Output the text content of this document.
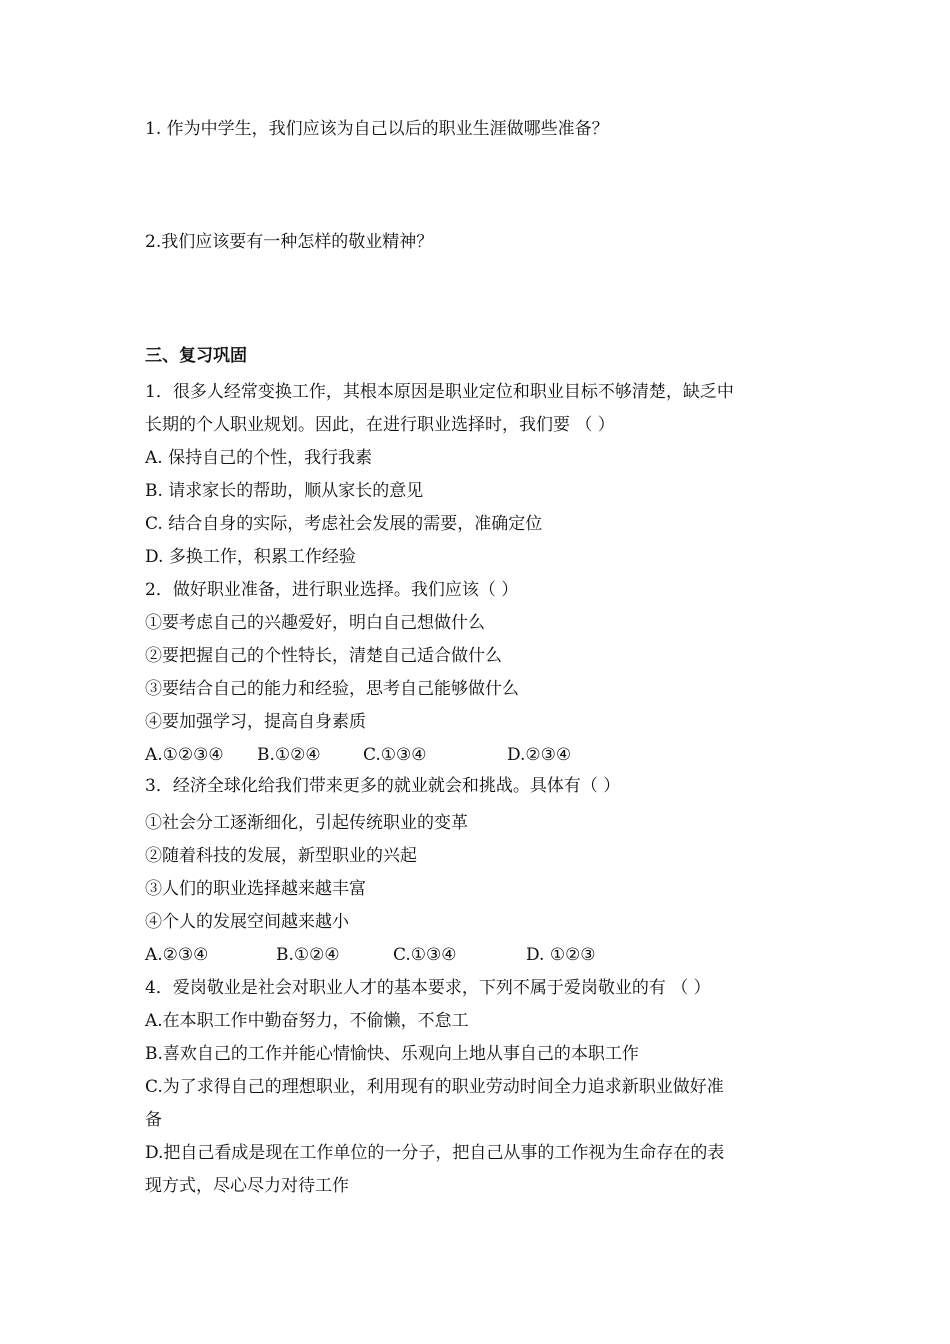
1. 作为中学生，我们应该为自己以后的职业生涯做哪些准备？
2.我们应该要有一种怎样的敬业精神？
三、复习巩固
1．很多人经常变换工作，其根本原因是职业定位和职业目标不够清楚，缺乏中
长期的个人职业规划。因此，在进行职业选择时，我们要 （ ）
A. 保持自己的个性，我行我素
B. 请求家长的帮助，顺从家长的意见
C. 结合自身的实际，考虑社会发展的需要，准确定位
D. 多换工作，积累工作经验
2．做好职业准备，进行职业选择。我们应该（ ）
①要考虑自己的兴趣爱好，明白自己想做什么
②要把握自己的个性特长，清楚自己适合做什么
③要结合自己的能力和经验，思考自己能够做什么
④要加强学习，提高自身素质
A.①②③④ B.①②④ C.①③④	D.②③④
3．经济全球化给我们带来更多的就业就会和挑战。具体有（ ）
①社会分工逐渐细化，引起传统职业的变革
②随着科技的发展，新型职业的兴起
③人们的职业选择越来越丰富
④个人的发展空间越来越小
A.②③④	B.①②④	C.①③④	D. ①②③
4．爱岗敬业是社会对职业人才的基本要求，下列不属于爱岗敬业的有 （ ）
A.在本职工作中勤奋努力，不偷懒，不怠工
B.喜欢自己的工作并能心情愉快、乐观向上地从事自己的本职工作
C.为了求得自己的理想职业，利用现有的职业劳动时间全力追求新职业做好准
备
D.把自己看成是现在工作单位的一分子，把自己从事的工作视为生命存在的表
现方式，尽心尽力对待工作
